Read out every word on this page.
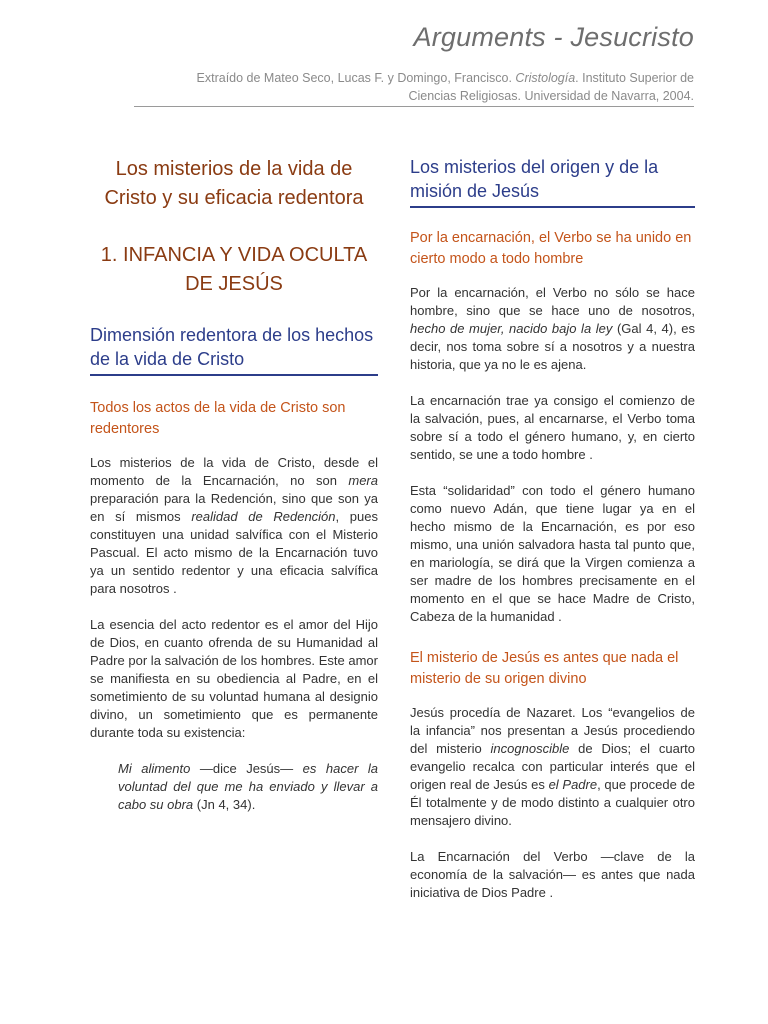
Arguments - Jesucristo
Extraído de Mateo Seco, Lucas F. y Domingo, Francisco. Cristología. Instituto Superior de
Ciencias Religiosas. Universidad de Navarra, 2004.
Los misterios de la vida de Cristo y su eficacia redentora
1. INFANCIA Y VIDA OCULTA DE JESÚS
Dimensión redentora de los hechos de la vida de Cristo
Todos los actos de la vida de Cristo son redentores

Los misterios de la vida de Cristo, desde el momento de la Encarnación, no son mera preparación para la Redención, sino que son ya en sí mismos realidad de Redención, pues constituyen una unidad salvífica con el Misterio Pascual. El acto mismo de la Encarnación tuvo ya un sentido redentor y una eficacia salvífica para nosotros .

La esencia del acto redentor es el amor del Hijo de Dios, en cuanto ofrenda de su Humanidad al Padre por la salvación de los hombres. Este amor se manifiesta en su obediencia al Padre, en el sometimiento de su voluntad humana al designio divino, un sometimiento que es permanente durante toda su existencia:

Mi alimento —dice Jesús— es hacer la voluntad del que me ha enviado y llevar a cabo su obra (Jn 4, 34).

Los misterios del origen y de la misión de Jesús
Por la encarnación, el Verbo se ha unido en cierto modo a todo hombre

Por la encarnación, el Verbo no sólo se hace hombre, sino que se hace uno de nosotros, hecho de mujer, nacido bajo la ley (Gal 4, 4), es decir, nos toma sobre sí a nosotros y a nuestra historia, que ya no le es ajena.

La encarnación trae ya consigo el comienzo de la salvación, pues, al encarnarse, el Verbo toma sobre sí a todo el género humano, y, en cierto sentido, se une a todo hombre .

Esta “solidaridad” con todo el género humano como nuevo Adán, que tiene lugar ya en el hecho mismo de la Encarnación, es por eso mismo, una unión salvadora hasta tal punto que, en mariología, se dirá que la Virgen comienza a ser madre de los hombres precisamente en el momento en el que se hace Madre de Cristo, Cabeza de la humanidad .

El misterio de Jesús es antes que nada el misterio de su origen divino

Jesús procedía de Nazaret. Los “evangelios de la infancia” nos presentan a Jesús procediendo del misterio incognoscible de Dios; el cuarto evangelio recalca con particular interés que el origen real de Jesús es el Padre, que procede de Él totalmente y de modo distinto a cualquier otro mensajero divino.

La Encarnación del Verbo —clave de la economía de la salvación— es antes que nada iniciativa de Dios Padre .
